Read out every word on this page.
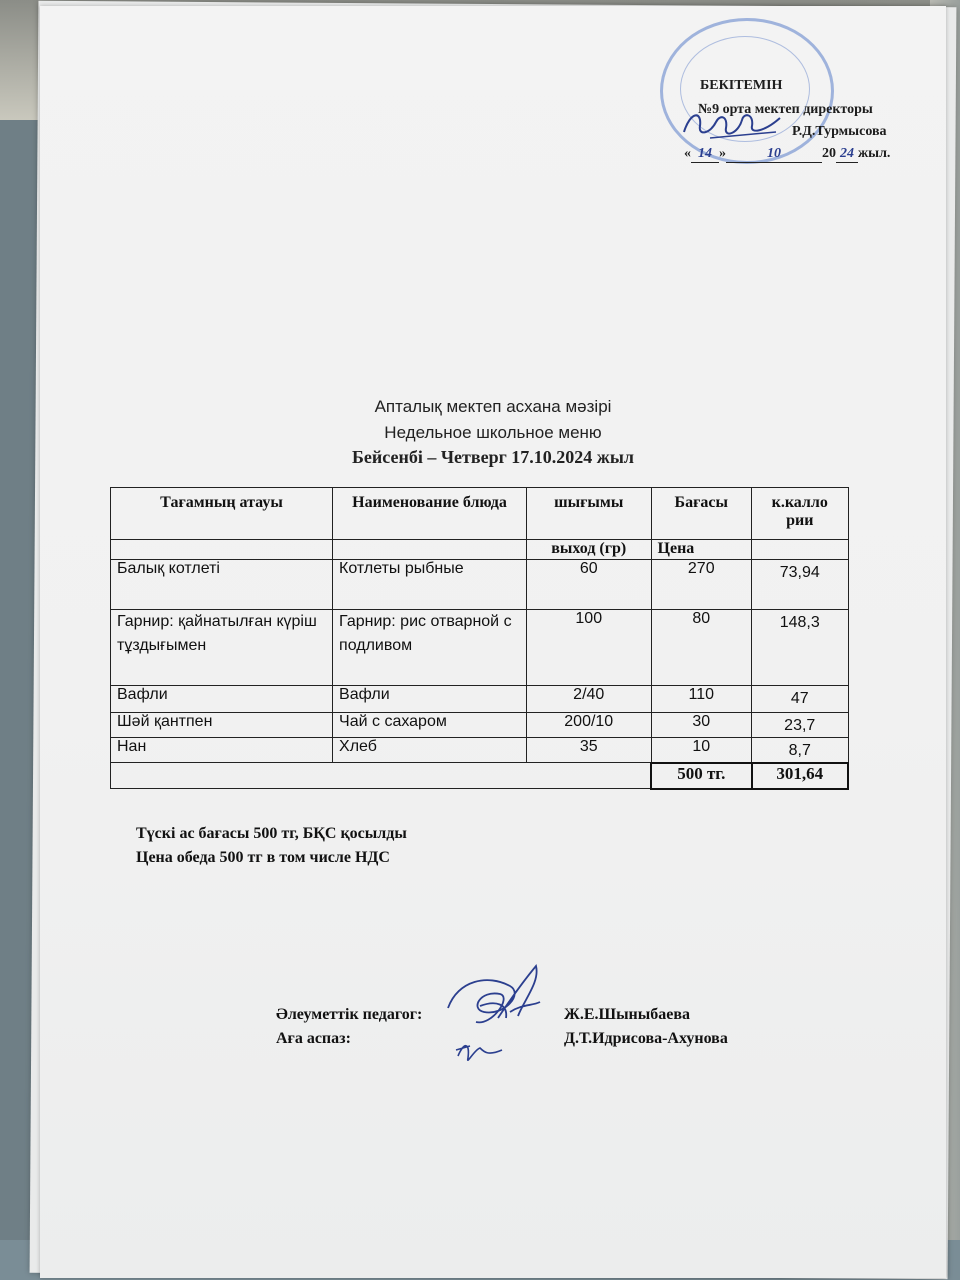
БЕКІТЕМІН
№9 орта мектеп директоры
Р.Д.Турмысова
« 14 »	10	20 24 жыл.
Апталық мектеп асхана мәзірі
Недельное школьное меню
Бейсенбі – Четверг 17.10.2024 жыл
Тағамның атауы	Наименование блюда	шығымы	Бағасы	к.калло рии
		выход (гр)	Цена	
Балық котлеті	Котлеты рыбные	60	270	73,94
Гарнир: қайнатылған күріш тұздығымен	Гарнир: рис отварной с подливом	100	80	148,3
Вафли	Вафли	2/40	110	47
Шәй қантпен	Чай с сахаром	200/10	30	23,7
Нан	Хлеб	35	10	8,7
			500 тг.	301,64
Түскі ас бағасы 500 тг, БҚС қосылды
Цена обеда 500 тг в том числе НДС
Әлеуметтік педагог:
Аға аспаз:
Ж.Е.Шыныбаева
Д.Т.Идрисова-Ахунова
